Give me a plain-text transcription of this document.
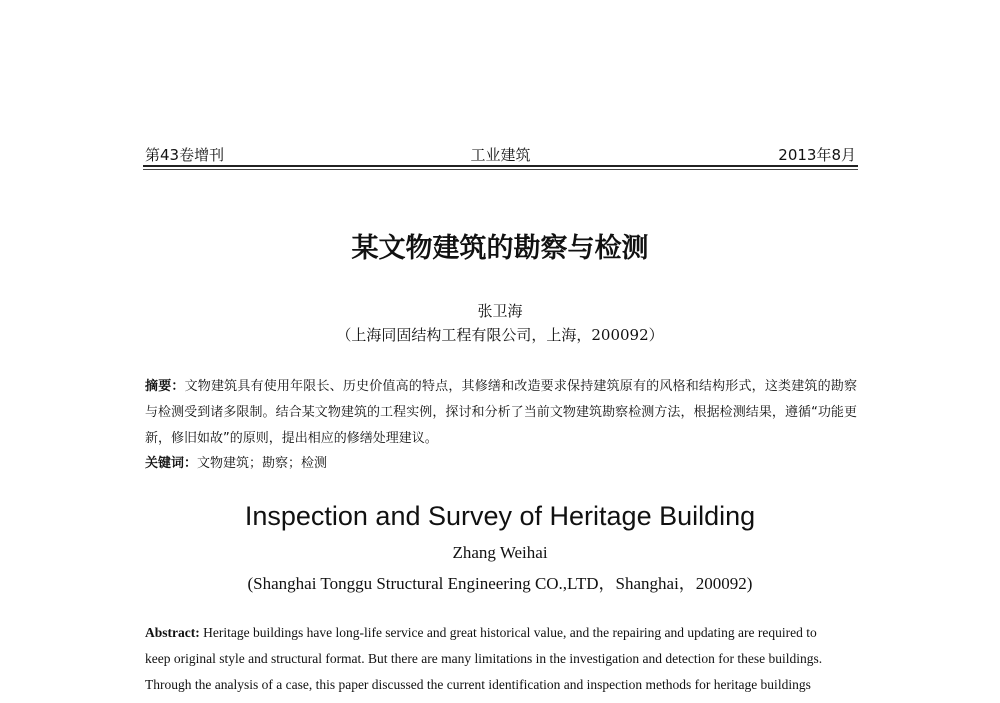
第43卷增刊	工业建筑	2013年8月
某文物建筑的勘察与检测
张卫海
（上海同固结构工程有限公司，上海，200092）
摘要：文物建筑具有使用年限长、历史价值高的特点，其修缮和改造要求保持建筑原有的风格和结构形式，这类建筑的勘察与检测受到诸多限制。结合某文物建筑的工程实例，探讨和分析了当前文物建筑勘察检测方法，根据检测结果，遵循“功能更新，修旧如故”的原则，提出相应的修缮处理建议。
关键词：文物建筑；勘察；检测
Inspection and Survey of Heritage Building
Zhang Weihai
(Shanghai Tonggu Structural Engineering CO.,LTD，Shanghai，200092)
Abstract: Heritage buildings have long-life service and great historical value, and the repairing and updating are required to
keep original style and structural format. But there are many limitations in the investigation and detection for these buildings.
Through the analysis of a case, this paper discussed the current identification and inspection methods for heritage buildings
